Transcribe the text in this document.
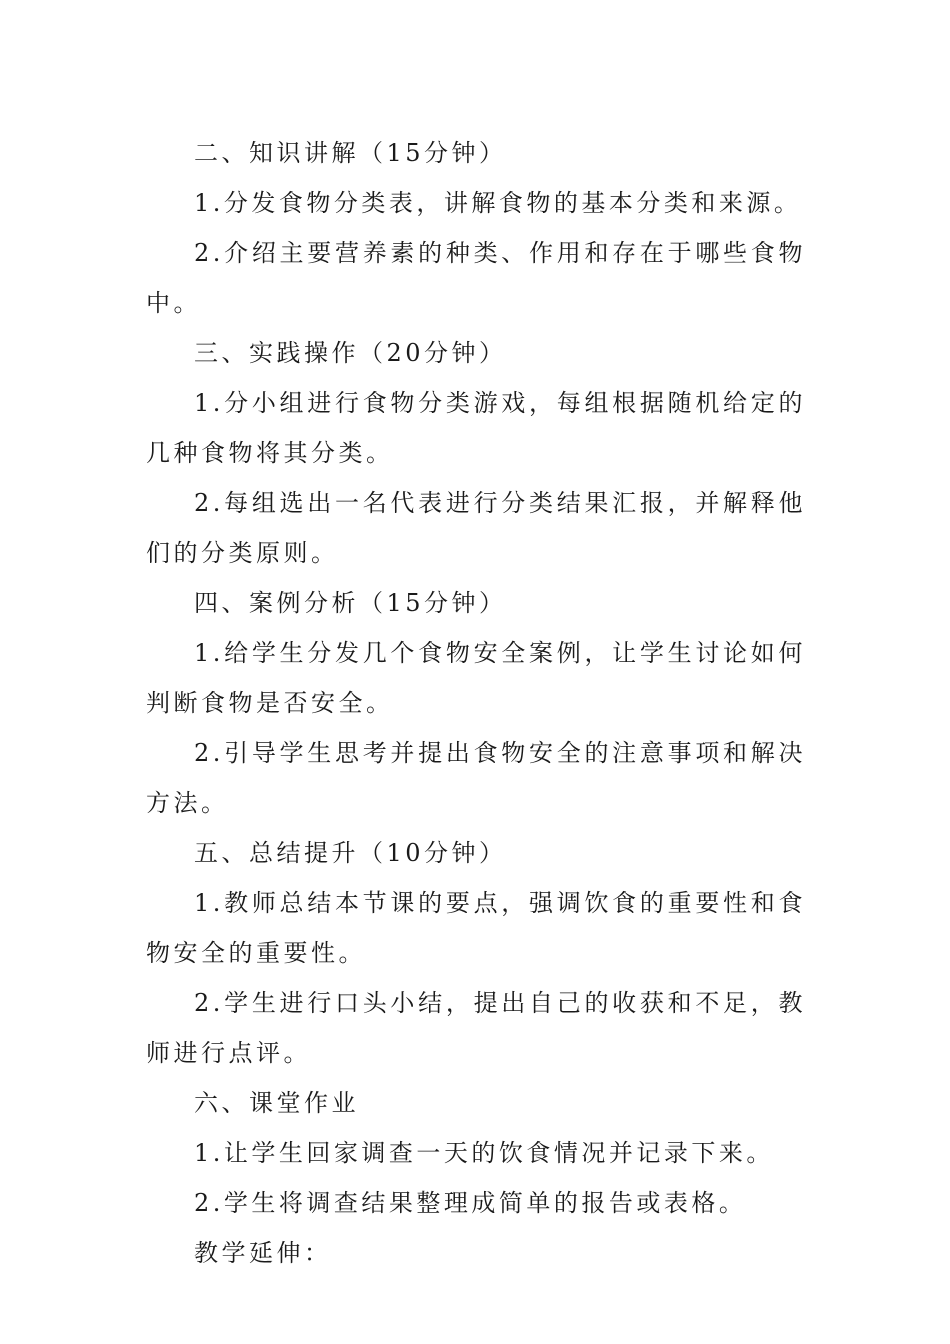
二、知识讲解（15分钟）

1.分发食物分类表，讲解食物的基本分类和来源。

2.介绍主要营养素的种类、作用和存在于哪些食物中。

三、实践操作（20分钟）

1.分小组进行食物分类游戏，每组根据随机给定的几种食物将其分类。

2.每组选出一名代表进行分类结果汇报，并解释他们的分类原则。

四、案例分析（15分钟）

1.给学生分发几个食物安全案例，让学生讨论如何判断食物是否安全。

2.引导学生思考并提出食物安全的注意事项和解决方法。

五、总结提升（10分钟）

1.教师总结本节课的要点，强调饮食的重要性和食物安全的重要性。

2.学生进行口头小结，提出自己的收获和不足，教师进行点评。

六、课堂作业

1.让学生回家调查一天的饮食情况并记录下来。

2.学生将调查结果整理成简单的报告或表格。

教学延伸：
